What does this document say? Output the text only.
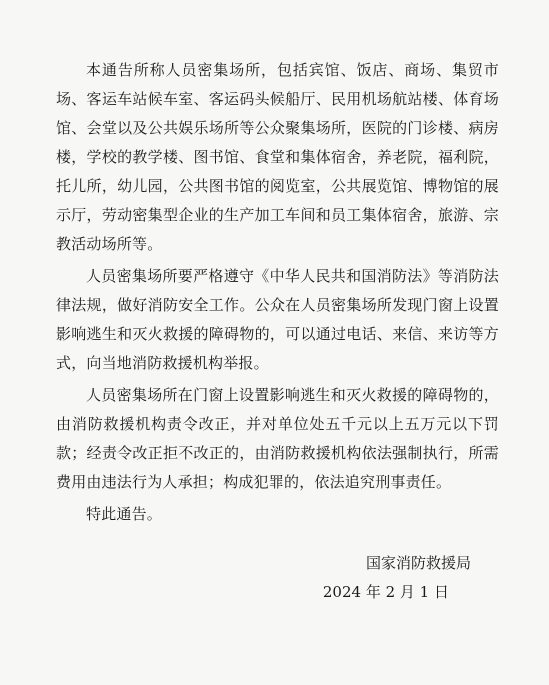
本通告所称人员密集场所，包括宾馆、饭店、商场、集贸市场、客运车站候车室、客运码头候船厅、民用机场航站楼、体育场馆、会堂以及公共娱乐场所等公众聚集场所，医院的门诊楼、病房楼，学校的教学楼、图书馆、食堂和集体宿舍，养老院，福利院，托儿所，幼儿园，公共图书馆的阅览室，公共展览馆、博物馆的展示厅，劳动密集型企业的生产加工车间和员工集体宿舍，旅游、宗教活动场所等。

人员密集场所要严格遵守《中华人民共和国消防法》等消防法律法规，做好消防安全工作。公众在人员密集场所发现门窗上设置影响逃生和灭火救援的障碍物的，可以通过电话、来信、来访等方式，向当地消防救援机构举报。

人员密集场所在门窗上设置影响逃生和灭火救援的障碍物的，由消防救援机构责令改正，并对单位处五千元以上五万元以下罚款；经责令改正拒不改正的，由消防救援机构依法强制执行，所需费用由违法行为人承担；构成犯罪的，依法追究刑事责任。

特此通告。

国家消防救援局
2024 年 2 月 1 日
